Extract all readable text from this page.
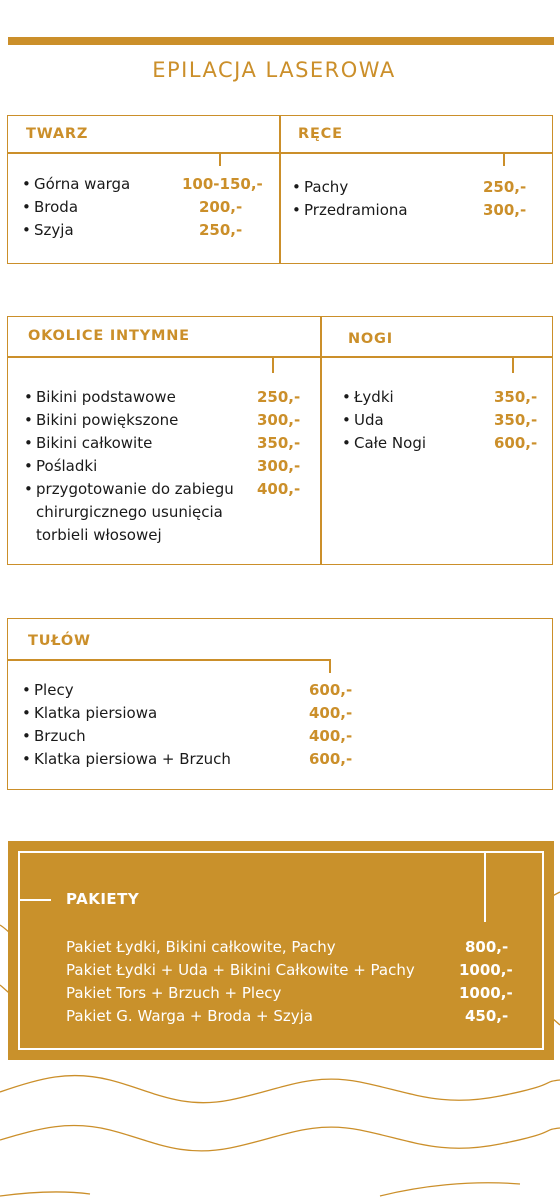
EPILACJA LASEROWA
TWARZ	RĘCE
• Górna warga	100-150,-
• Broda	200,-
• Szyja	250,-
• Pachy	250,-
• Przedramiona	300,-
OKOLICE INTYMNE	NOGI
• Bikini podstawowe	250,-
• Bikini powiększone	300,-
• Bikini całkowite	350,-
• Pośladki	300,-
• przygotowanie do zabiegu 400,-
chirurgicznego usunięcia
torbieli włosowej
• Łydki	350,-
• Uda	350,-
• Całe Nogi	600,-
TUŁÓW
• Plecy	600,-
• Klatka piersiowa	400,-
• Brzuch	400,-
• Klatka piersiowa + Brzuch	600,-
PAKIETY
Pakiet Łydki, Bikini całkowite, Pachy	800,-
Pakiet Łydki + Uda + Bikini Całkowite + Pachy	1000,-
Pakiet Tors + Brzuch + Plecy	1000,-
Pakiet G. Warga + Broda + Szyja	450,-
